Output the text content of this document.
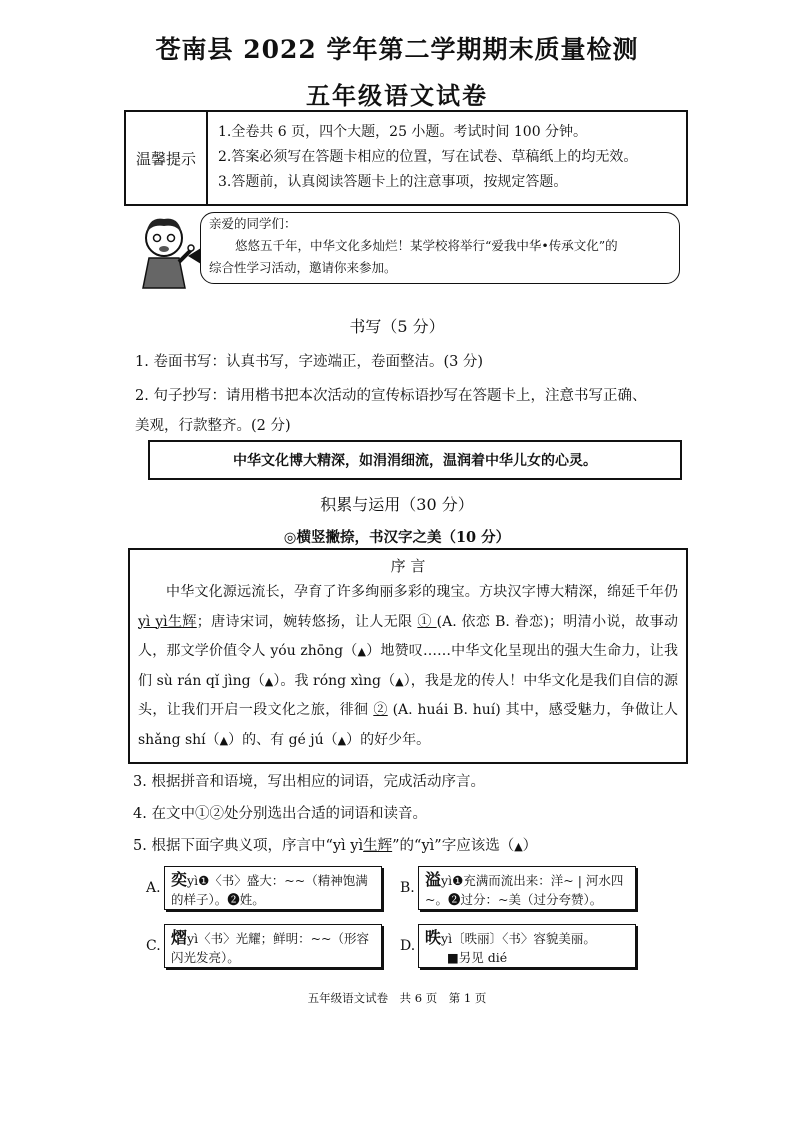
苍南县 2022 学年第二学期期末质量检测
五年级语文试卷
温馨提示
1.全卷共 6 页，四个大题，25 小题。考试时间 100 分钟。
2.答案必须写在答题卡相应的位置，写在试卷、草稿纸上的均无效。
3.答题前，认真阅读答题卡上的注意事项，按规定答题。
亲爱的同学们：
悠悠五千年，中华文化多灿烂！某学校将举行“爱我中华•传承文化”的
综合性学习活动，邀请你来参加。
书写（5 分）
1. 卷面书写：认真书写，字迹端正，卷面整洁。(3 分)
2. 句子抄写：请用楷书把本次活动的宣传标语抄写在答题卡上，注意书写正确、
美观，行款整齐。(2 分)
中华文化博大精深，如涓涓细流，温润着中华儿女的心灵。
积累与运用（30 分）
◎横竖撇捺，书汉字之美（10 分）
序 言
中华文化源远流长，孕育了许多绚丽多彩的瑰宝。方块汉字博大精深，绵延千年仍yì yì生辉；唐诗宋词，婉转悠扬，让人无限 ① (A. 依恋 B. 眷恋)；明清小说，故事动人，那文学价值令人 yóu zhōng（▲）地赞叹……中华文化呈现出的强大生命力，让我们 sù rán qǐ jìng（▲）。我 róng xìng（▲），我是龙的传人！中华文化是我们自信的源头，让我们开启一段文化之旅，徘徊 ② (A. huái B. huí) 其中，感受魅力，争做让人 shǎng shí（▲）的、有 gé jú（▲）的好少年。
3. 根据拼音和语境，写出相应的词语，完成活动序言。
4. 在文中①②处分别选出合适的词语和读音。
5. 根据下面字典义项，序言中“yì yì生辉”的“yì”字应该选（▲）
A. 奕yì❶〈书〉盛大：~~（精神饱满的样子）。❷姓。
B. 溢yì❶充满而流出来：洋~ | 河水四~。❷过分：~美（过分夸赞）。
C. 熠yì〈书〉光耀；鲜明：~~（形容闪光发亮）。
D. 昳yì〔昳丽〕〈书〉容貌美丽。
■另见 dié
五年级语文试卷　共 6 页　第 1 页
